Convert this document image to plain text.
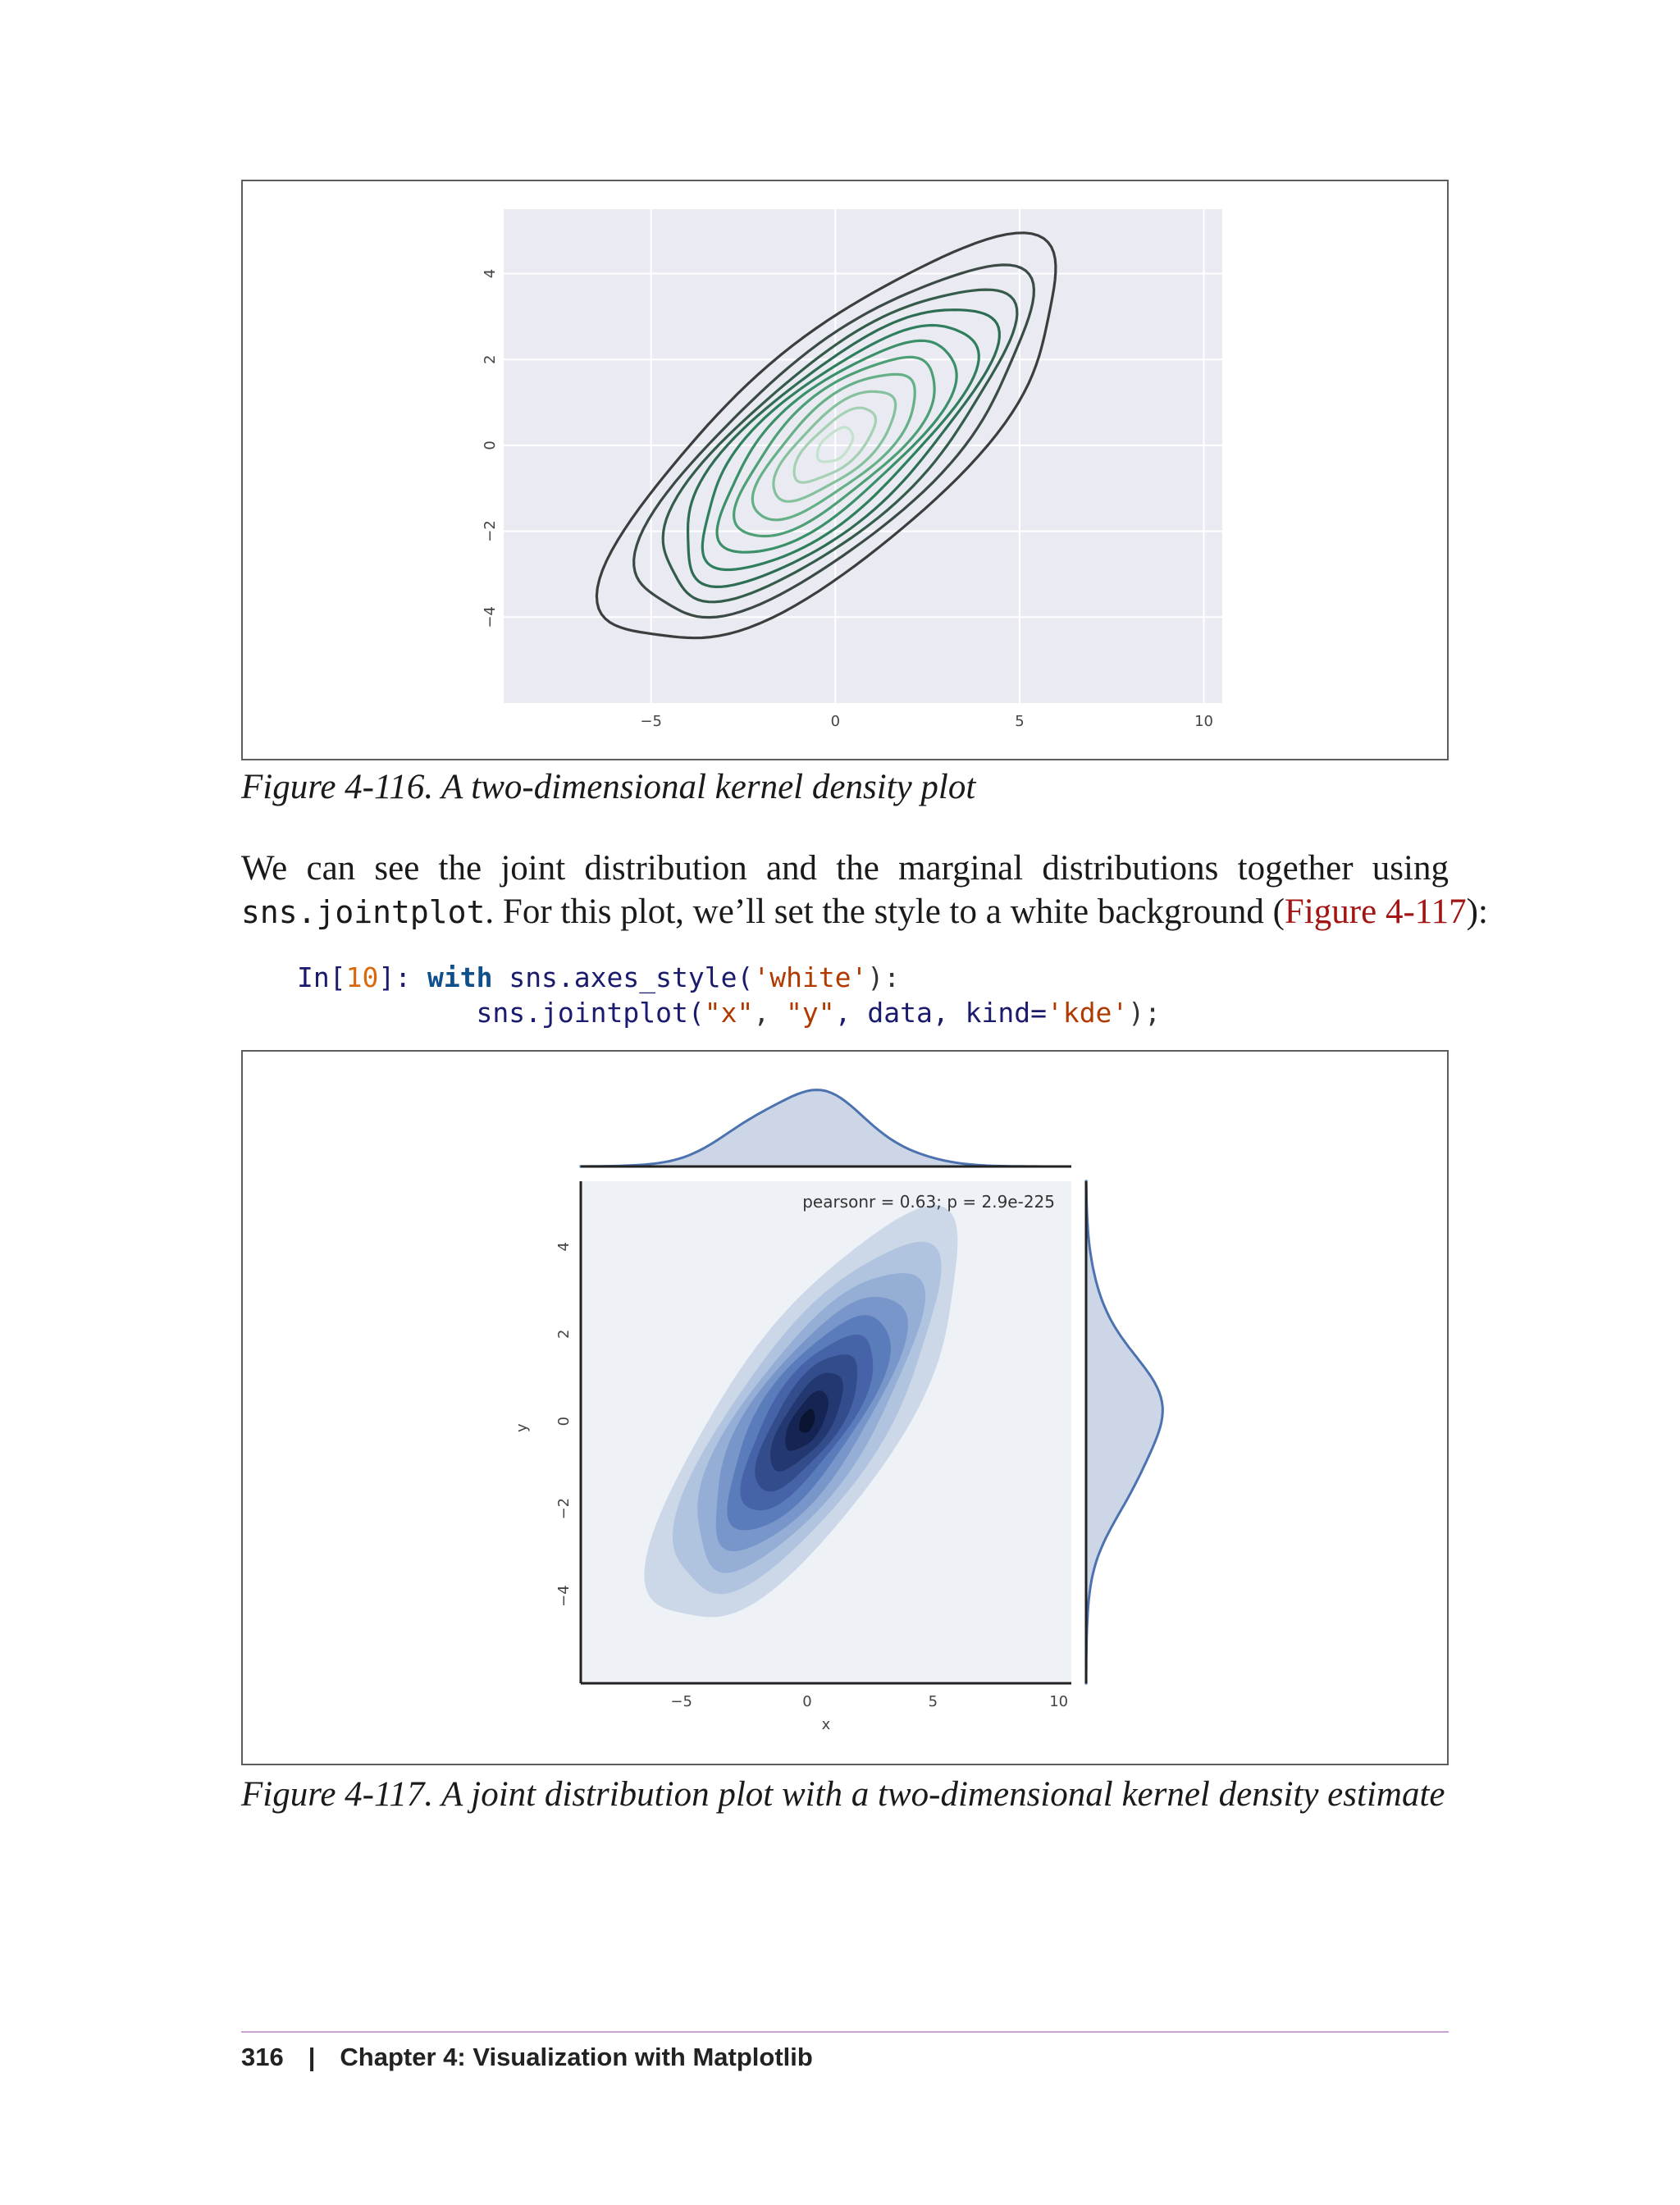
−5	0	5	10
4
2
0
−2
−4
Figure 4-116. A two-dimensional kernel density plot
We can see the joint distribution and the marginal distributions together using
sns.jointplot. For this plot, we’ll set the style to a white background (Figure 4-117):
In[10]: with sns.axes_style('white'):
sns.jointplot("x", "y", data, kind='kde');
−5	0	5	10
4
2
0
−2
−4
x
y
pearsonr = 0.63; p = 2.9e-225
Figure 4-117. A joint distribution plot with a two-dimensional kernel density estimate
316 | Chapter 4: Visualization with Matplotlib
